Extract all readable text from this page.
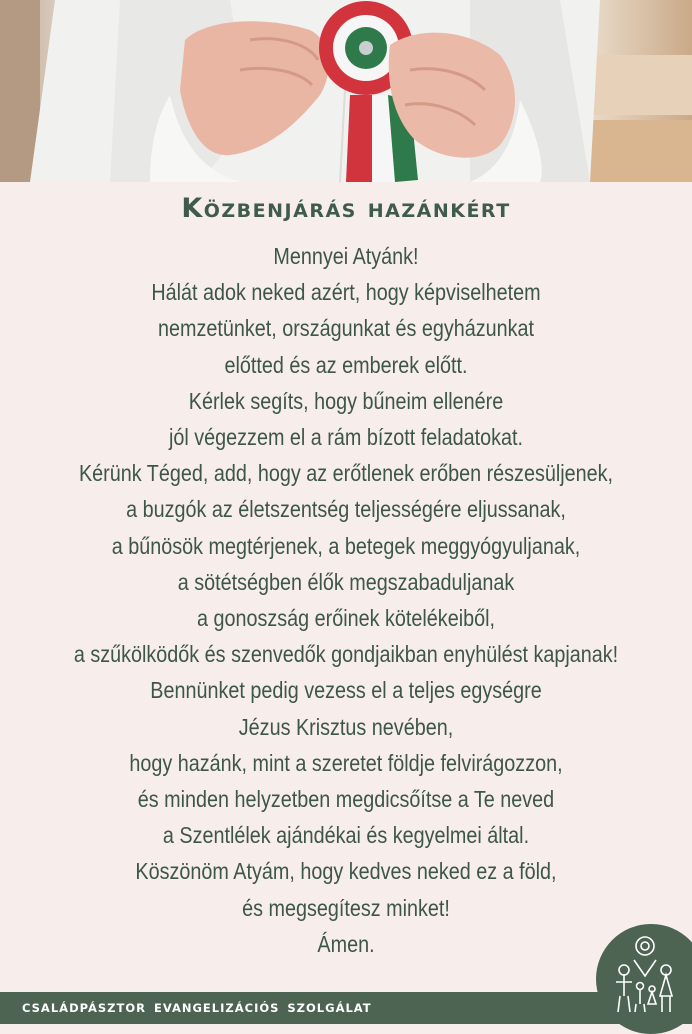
Közbenjárás hazánkért
Mennyei Atyánk!
Hálát adok neked azért, hogy képviselhetem
nemzetünket, országunkat és egyházunkat
előtted és az emberek előtt.
Kérlek segíts, hogy bűneim ellenére
jól végezzem el a rám bízott feladatokat.
Kérünk Téged, add, hogy az erőtlenek erőben részesüljenek,
a buzgók az életszentség teljességére eljussanak,
a bűnösök megtérjenek, a betegek meggyógyuljanak,
a sötétségben élők megszabaduljanak
a gonoszság erőinek kötelékeiből,
a szűkölködők és szenvedők gondjaikban enyhülést kapjanak!
Bennünket pedig vezess el a teljes egységre
Jézus Krisztus nevében,
hogy hazánk, mint a szeretet földje felvirágozzon,
és minden helyzetben megdicsőítse a Te neved
a Szentlélek ajándékai és kegyelmei által.
Köszönöm Atyám, hogy kedves neked ez a föld,
és megsegítesz minket!
Ámen.
CSALÁDPÁSZTOR EVANGELIZÁCIÓS SZOLGÁLAT
